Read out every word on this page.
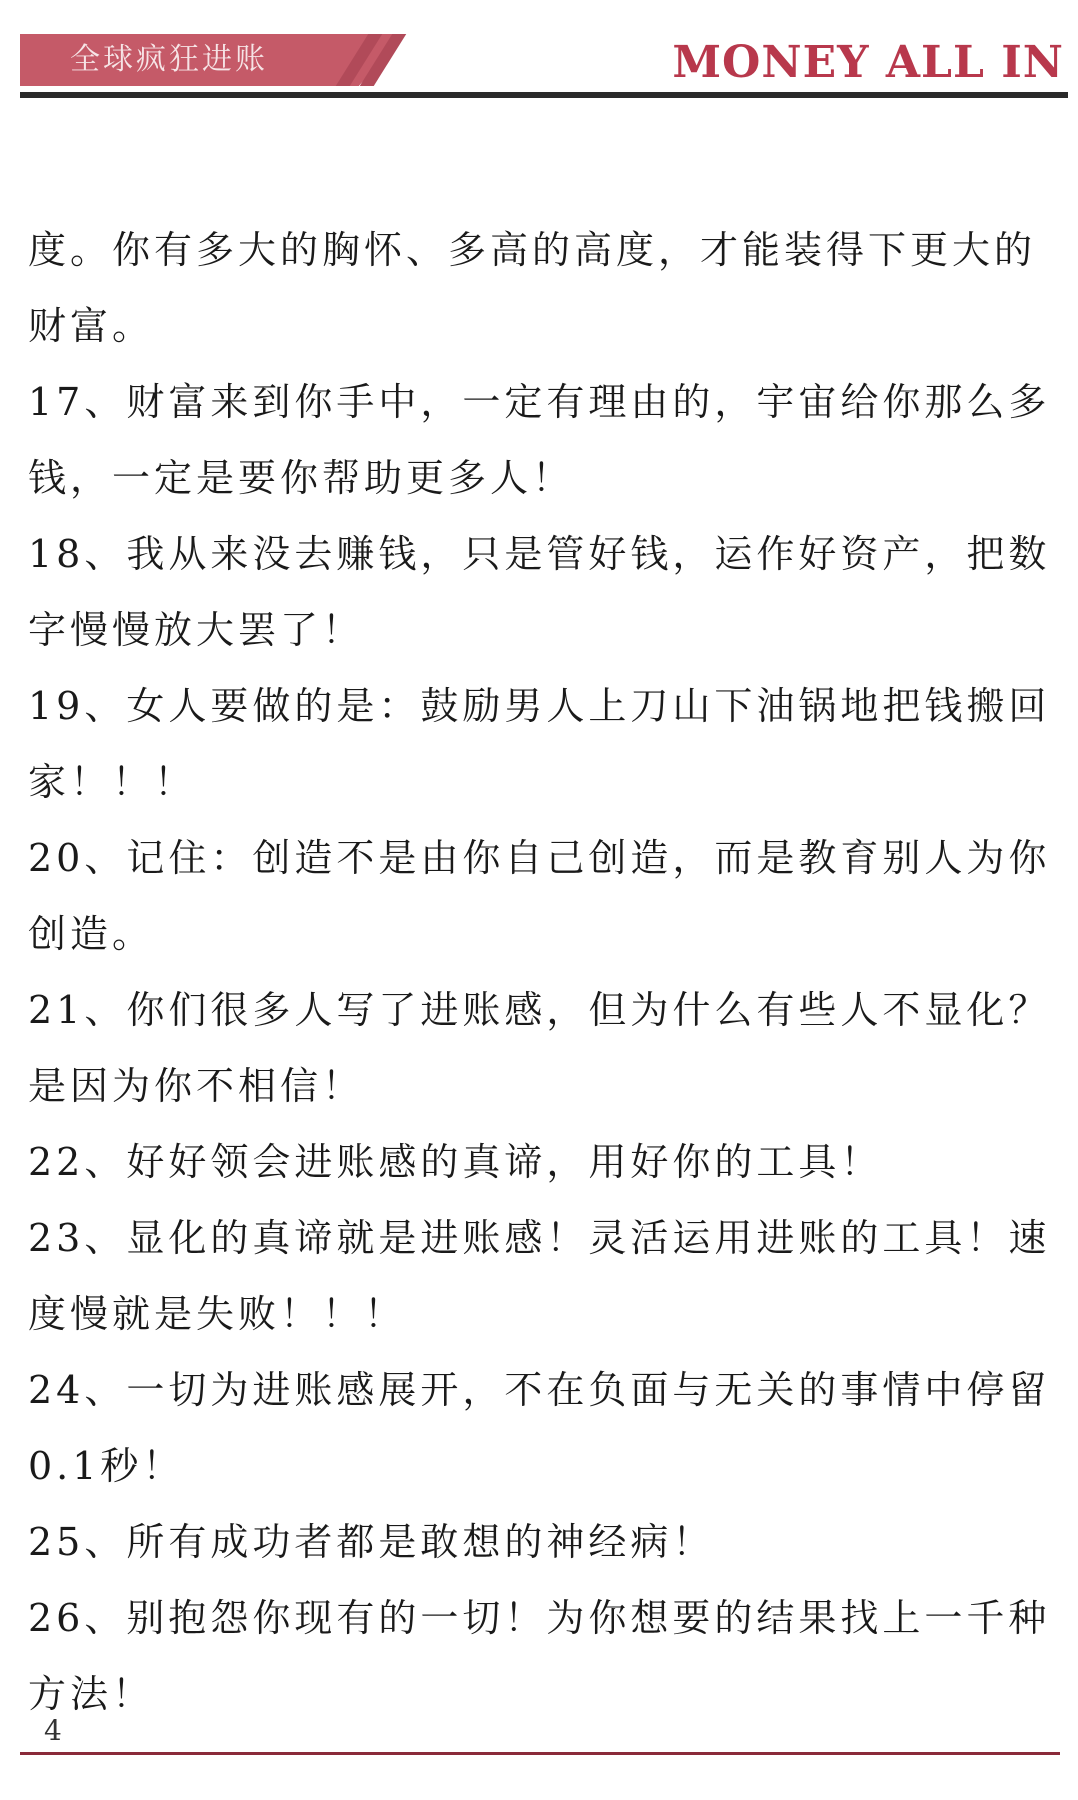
全球疯狂进账	MONEY ALL IN
度。你有多大的胸怀、多高的高度，才能装得下更大的
财富。
17、财富来到你手中，一定有理由的，宇宙给你那么多
钱，一定是要你帮助更多人！
18、我从来没去赚钱，只是管好钱，运作好资产，把数
字慢慢放大罢了！
19、女人要做的是：鼓励男人上刀山下油锅地把钱搬回
家！！！
20、记住：创造不是由你自己创造，而是教育别人为你
创造。
21、你们很多人写了进账感，但为什么有些人不显化？
是因为你不相信！
22、好好领会进账感的真谛，用好你的工具！
23、显化的真谛就是进账感！灵活运用进账的工具！速
度慢就是失败！！！
24、一切为进账感展开，不在负面与无关的事情中停留
0.1秒！
25、所有成功者都是敢想的神经病！
26、别抱怨你现有的一切！为你想要的结果找上一千种
方法！
4
